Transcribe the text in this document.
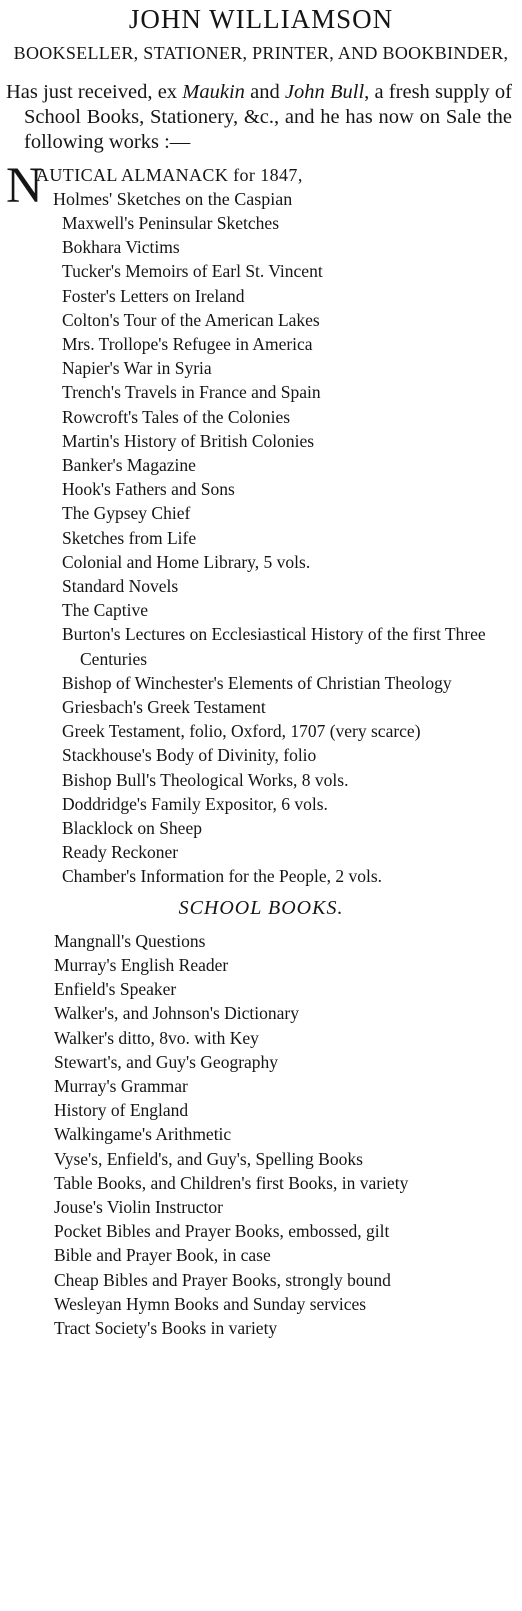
JOHN WILLIAMSON
BOOKSELLER, STATIONER, PRINTER, AND BOOKBINDER,
Has just received, ex Maukin and John Bull, a fresh supply of School Books, Stationery, &c., and he has now on Sale the following works :—
N
AUTICAL ALMANACK for 1847,
Holmes' Sketches on the Caspian
Maxwell's Peninsular Sketches
Bokhara Victims
Tucker's Memoirs of Earl St. Vincent
Foster's Letters on Ireland
Colton's Tour of the American Lakes
Mrs. Trollope's Refugee in America
Napier's War in Syria
Trench's Travels in France and Spain
Rowcroft's Tales of the Colonies
Martin's History of British Colonies
Banker's Magazine
Hook's Fathers and Sons
The Gypsey Chief
Sketches from Life
Colonial and Home Library, 5 vols.
Standard Novels
The Captive
Burton's Lectures on Ecclesiastical History of the first Three Centuries
Bishop of Winchester's Elements of Christian Theology
Griesbach's Greek Testament
Greek Testament, folio, Oxford, 1707 (very scarce)
Stackhouse's Body of Divinity, folio
Bishop Bull's Theological Works, 8 vols.
Doddridge's Family Expositor, 6 vols.
Blacklock on Sheep
Ready Reckoner
Chamber's Information for the People, 2 vols.
SCHOOL BOOKS.
Mangnall's Questions
Murray's English Reader
Enfield's Speaker
Walker's, and Johnson's Dictionary
Walker's ditto, 8vo. with Key
Stewart's, and Guy's Geography
Murray's Grammar
History of England
Walkingame's Arithmetic
Vyse's, Enfield's, and Guy's, Spelling Books
Table Books, and Children's first Books, in variety
Jouse's Violin Instructor
Pocket Bibles and Prayer Books, embossed, gilt
Bible and Prayer Book, in case
Cheap Bibles and Prayer Books, strongly bound
Wesleyan Hymn Books and Sunday services
Tract Society's Books in variety
